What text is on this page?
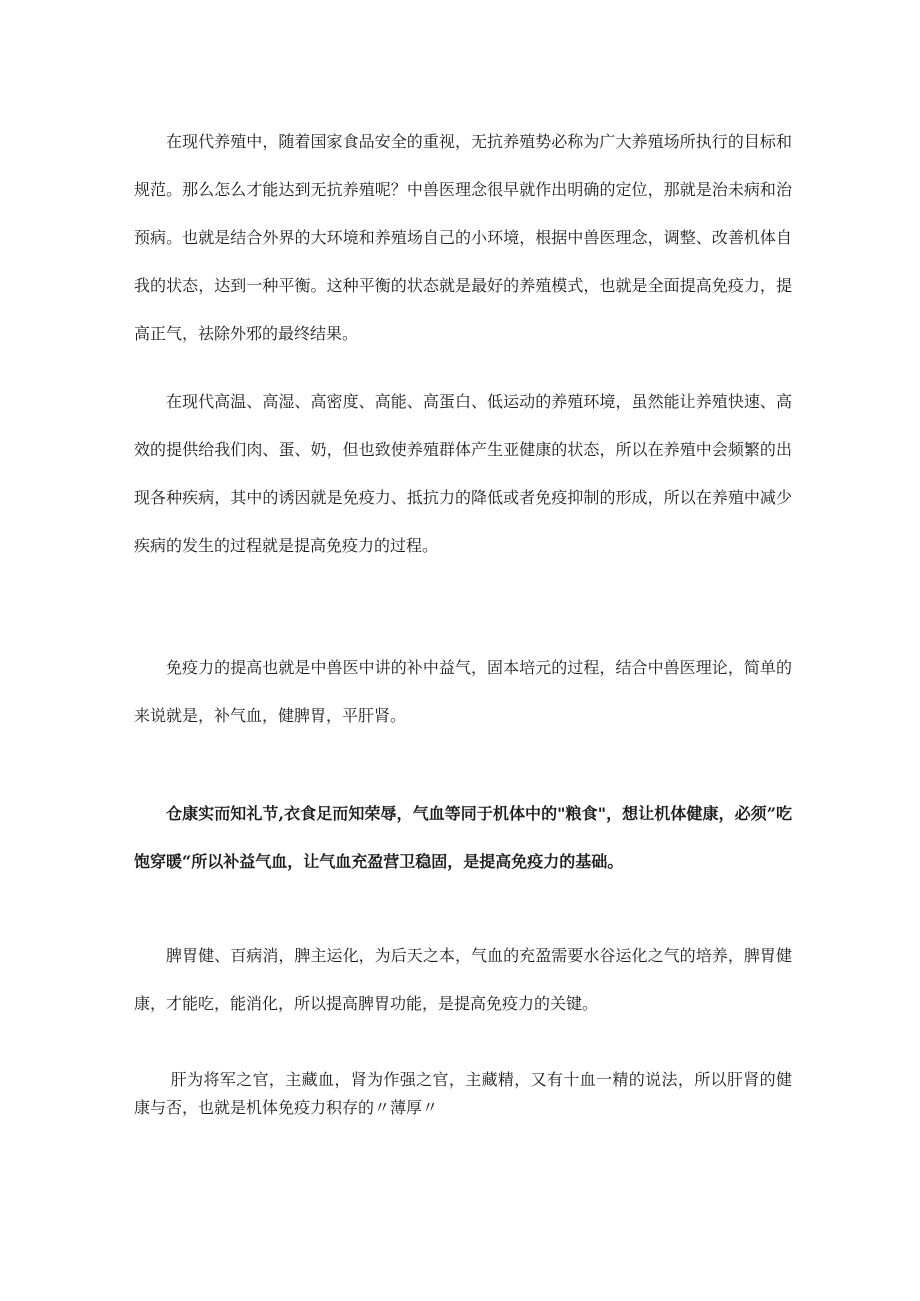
在现代养殖中，随着国家食品安全的重视，无抗养殖势必称为广大养殖场所执行的目标和规范。那么怎么才能达到无抗养殖呢？中兽医理念很早就作出明确的定位，那就是治未病和治预病。也就是结合外界的大环境和养殖场自己的小环境，根据中兽医理念，调整、改善机体自我的状态，达到一种平衡。这种平衡的状态就是最好的养殖模式，也就是全面提高免疫力，提高正气，祛除外邪的最终结果。

在现代高温、高湿、高密度、高能、高蛋白、低运动的养殖环境，虽然能让养殖快速、高效的提供给我们肉、蛋、奶，但也致使养殖群体产生亚健康的状态，所以在养殖中会频繁的出现各种疾病，其中的诱因就是免疫力、抵抗力的降低或者免疫抑制的形成，所以在养殖中减少疾病的发生的过程就是提高免疫力的过程。

免疫力的提高也就是中兽医中讲的补中益气，固本培元的过程，结合中兽医理论，简单的来说就是，补气血，健脾胃，平肝肾。

仓康实而知礼节,衣食足而知荣辱，气血等同于机体中的"粮食"，想让机体健康，必须”吃饱穿暖“所以补益气血，让气血充盈营卫稳固，是提高免疫力的基础。

脾胃健、百病消，脾主运化，为后天之本，气血的充盈需要水谷运化之气的培养，脾胃健康，才能吃，能消化，所以提高脾胃功能，是提高免疫力的关键。

肝为将军之官，主藏血，肾为作强之官，主藏精，又有十血一精的说法，所以肝肾的健康与否，也就是机体免疫力积存的〃薄厚〃
